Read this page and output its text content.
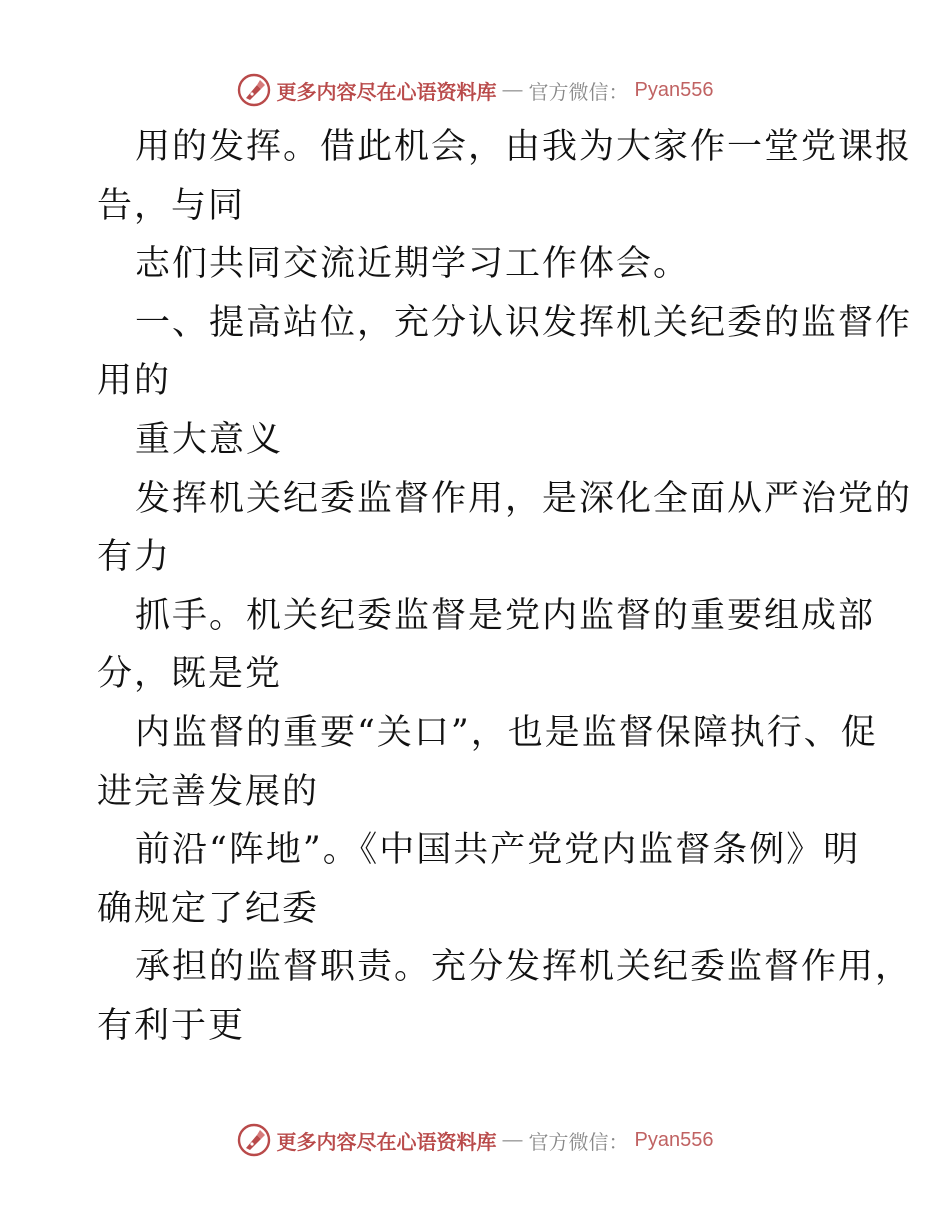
更多内容尽在心语资料库 — 官方微信： Pyan556
用的发挥。借此机会，由我为大家作一堂党课报
告，与同
志们共同交流近期学习工作体会。
一、提高站位，充分认识发挥机关纪委的监督作
用的
重大意义
发挥机关纪委监督作用，是深化全面从严治党的
有力
抓手。机关纪委监督是党内监督的重要组成部
分，既是党
内监督的重要“关口”，也是监督保障执行、促
进完善发展的
前沿“阵地”。《中国共产党党内监督条例》明
确规定了纪委
承担的监督职责。充分发挥机关纪委监督作用，
有利于更
更多内容尽在心语资料库 — 官方微信： Pyan556
